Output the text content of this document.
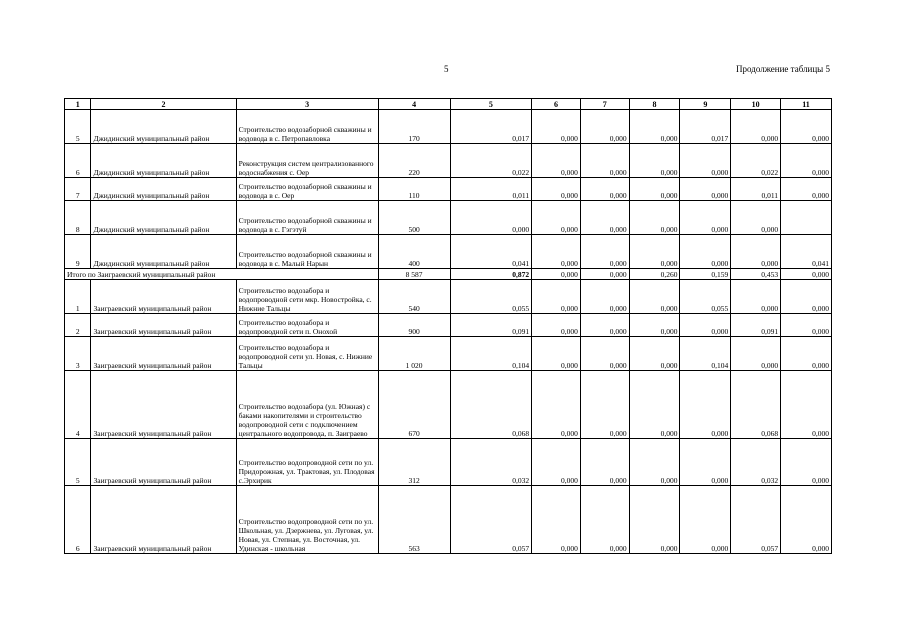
5	Продолжение таблицы 5
1	2	3	4	5	6	7	8	9	10	11
5	Джидинский муниципальный район	Строительство водозаборной скважины и водовода в с. Петропавловка	170	0,017	0,000	0,000	0,000	0,017	0,000	0,000
6	Джидинский муниципальный район	Реконструкция систем централизованного водоснабжения с. Оер	220	0,022	0,000	0,000	0,000	0,000	0,022	0,000
7	Джидинский муниципальный район	Строительство водозаборной скважины и водовода в с. Оер	110	0,011	0,000	0,000	0,000	0,000	0,011	0,000
8	Джидинский муниципальный район	Строительство водозаборной скважины и водовода в с. Гэгэтуй	500	0,000	0,000	0,000	0,000	0,000	0,000	
9	Джидинский муниципальный район	Строительство водозаборной скважины и водовода в с. Малый Нарын	400	0,041	0,000	0,000	0,000	0,000	0,000	0,041
Итого по Заиграевский муниципальный район			8 587	0,872	0,000	0,000	0,260	0,159	0,453	0,000
1	Заиграевский муниципальный район	Строительство водозабора и водопроводной сети мкр. Новостройка, с. Нижние Тальцы	540	0,055	0,000	0,000	0,000	0,055	0,000	0,000
2	Заиграевский муниципальный район	Строительство водозабора и водопроводной сети п. Онохой	900	0,091	0,000	0,000	0,000	0,000	0,091	0,000
3	Заиграевский муниципальный район	Строительство водозабора и водопроводной сети ул. Новая, с. Нижние Тальцы	1 020	0,104	0,000	0,000	0,000	0,104	0,000	0,000
4	Заиграевский муниципальный район	Строительство водозабора (ул. Южная) с баками накопителями и строительство водопроводной сети с подключением центрального водопровода, п. Заиграево	670	0,068	0,000	0,000	0,000	0,000	0,068	0,000
5	Заиграевский муниципальный район	Строительство водопроводной сети по ул. Придорожная, ул. Трактовая, ул. Плодовая с.Эрхирик	312	0,032	0,000	0,000	0,000	0,000	0,032	0,000
6	Заиграевский муниципальный район	Строительство водопроводной сети по ул. Школьная, ул. Дзержнева, ул. Луговая, ул. Новая, ул. Степная, ул. Восточная, ул. Удинская - школьная	563	0,057	0,000	0,000	0,000	0,000	0,057	0,000
